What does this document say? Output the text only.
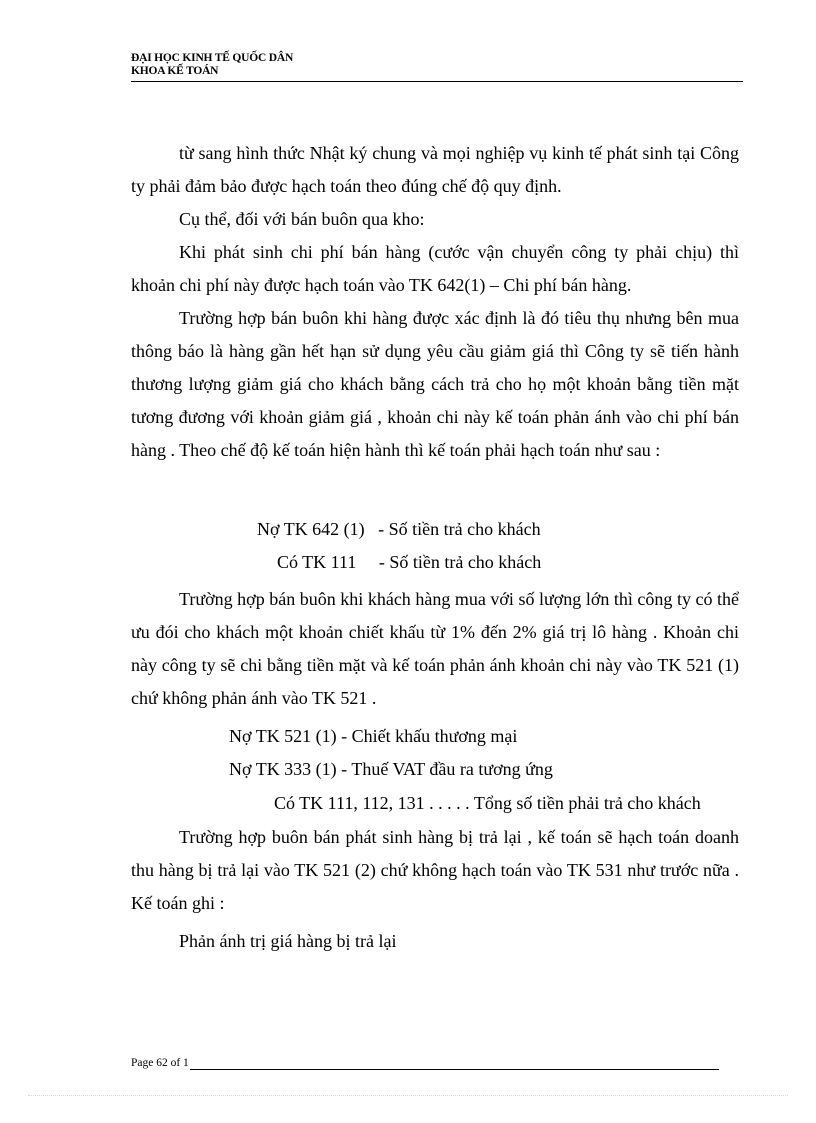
ĐẠI HỌC KINH TẾ QUỐC DÂN
KHOA KẾ TOÁN

từ sang hình thức Nhật ký chung và mọi nghiệp vụ kinh tế phát sinh tại Công ty phải đảm bảo được hạch toán theo đúng chế độ quy định.

Cụ thể, đối với bán buôn qua kho:

Khi phát sinh chi phí bán hàng (cước vận chuyển công ty phải chịu) thì khoản chi phí này được hạch toán vào TK 642(1) – Chi phí bán hàng.

Trường hợp bán buôn khi hàng được xác định là đó tiêu thụ nhưng bên mua thông báo là hàng gần hết hạn sử dụng yêu cầu giảm giá thì Công ty sẽ tiến hành thương lượng giảm giá cho khách bằng cách trả cho họ một khoản bằng tiền mặt tương đương với khoản giảm giá , khoản chi này kế toán phản ánh vào chi phí bán hàng . Theo chế độ kế toán hiện hành thì kế toán phải hạch toán như sau :

Nợ TK 642 (1)   - Số tiền trả cho khách
Có TK 111     - Số tiền trả cho khách

Trường hợp bán buôn khi khách hàng mua với số lượng lớn thì công ty có thể ưu đói cho khách một khoản chiết khấu từ 1% đến 2% giá trị lô hàng . Khoản chi này công ty sẽ chi bằng tiền mặt và kế toán phản ánh khoản chi này vào TK 521 (1) chứ không phản ánh vào TK 521 .

Nợ TK 521 (1) - Chiết khấu thương mại
Nợ TK 333 (1) - Thuế VAT đầu ra tương ứng
Có TK 111, 112, 131 . . . . . Tổng số tiền phải trả cho khách

Trường hợp buôn bán phát sinh hàng bị trả lại , kế toán sẽ hạch toán doanh thu hàng bị trả lại vào TK 521 (2) chứ không hạch toán vào TK 531 như trước nữa . Kế toán ghi :

Phản ánh trị giá hàng bị trả lại

Page 62 of 1
